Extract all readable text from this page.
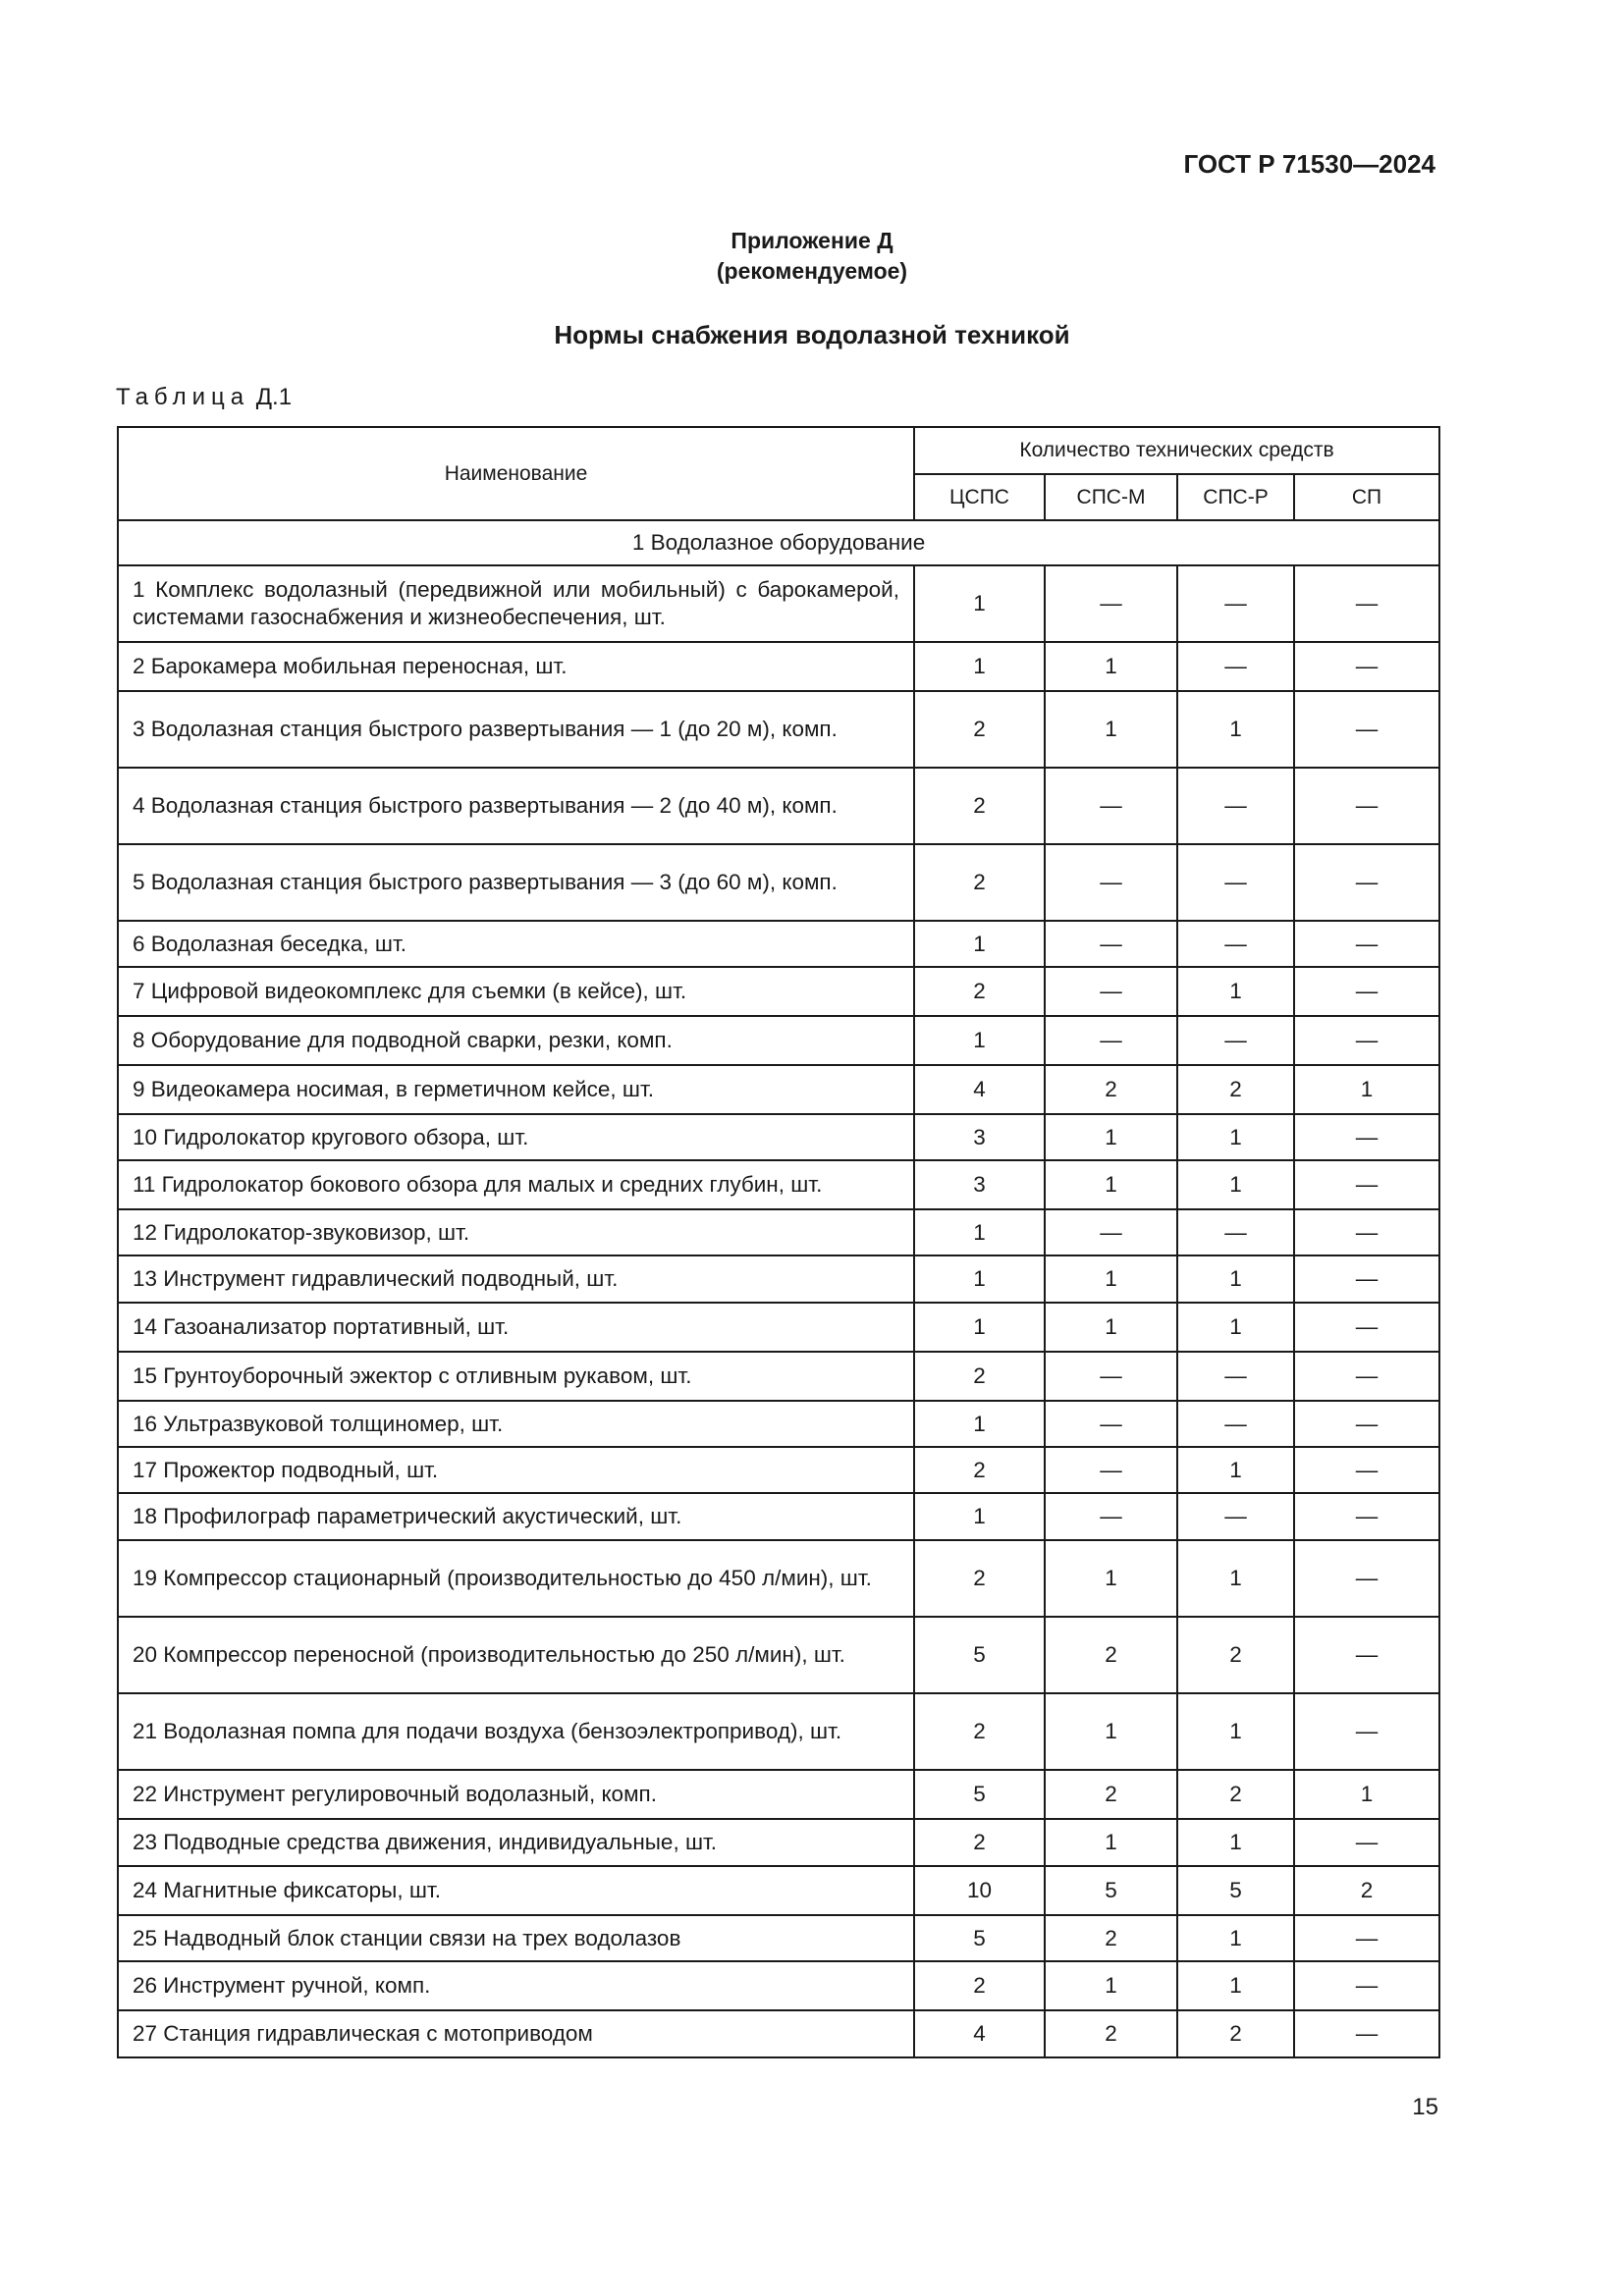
ГОСТ Р 71530—2024
Приложение Д
(рекомендуемое)
Нормы снабжения водолазной техникой
Таблица Д.1
Наименование	Количество технических средств			
	ЦСПС	СПС-М	СПС-Р	СП
1 Водолазное оборудование				
1 Комплекс водолазный (передвижной или мобильный) с барокамерой, системами газоснабжения и жизнеобеспечения, шт.	1	—	—	—
2 Барокамера мобильная переносная, шт.	1	1	—	—
3 Водолазная станция быстрого развертывания — 1 (до 20 м), комп.	2	1	1	—
4 Водолазная станция быстрого развертывания — 2 (до 40 м), комп.	2	—	—	—
5 Водолазная станция быстрого развертывания — 3 (до 60 м), комп.	2	—	—	—
6 Водолазная беседка, шт.	1	—	—	—
7 Цифровой видеокомплекс для съемки (в кейсе), шт.	2	—	1	—
8 Оборудование для подводной сварки, резки, комп.	1	—	—	—
9 Видеокамера носимая, в герметичном кейсе, шт.	4	2	2	1
10 Гидролокатор кругового обзора, шт.	3	1	1	—
11 Гидролокатор бокового обзора для малых и средних глубин, шт.	3	1	1	—
12 Гидролокатор-звуковизор, шт.	1	—	—	—
13 Инструмент гидравлический подводный, шт.	1	1	1	—
14 Газоанализатор портативный, шт.	1	1	1	—
15 Грунтоуборочный эжектор с отливным рукавом, шт.	2	—	—	—
16 Ультразвуковой толщиномер, шт.	1	—	—	—
17 Прожектор подводный, шт.	2	—	1	—
18 Профилограф параметрический акустический, шт.	1	—	—	—
19 Компрессор стационарный (производительностью до 450 л/мин), шт.	2	1	1	—
20 Компрессор переносной (производительностью до 250 л/мин), шт.	5	2	2	—
21 Водолазная помпа для подачи воздуха (бензоэлектропривод), шт.	2	1	1	—
22 Инструмент регулировочный водолазный, комп.	5	2	2	1
23 Подводные средства движения, индивидуальные, шт.	2	1	1	—
24 Магнитные фиксаторы, шт.	10	5	5	2
25 Надводный блок станции связи на трех водолазов	5	2	1	—
26 Инструмент ручной, комп.	2	1	1	—
27 Станция гидравлическая с мотоприводом	4	2	2	—
15
